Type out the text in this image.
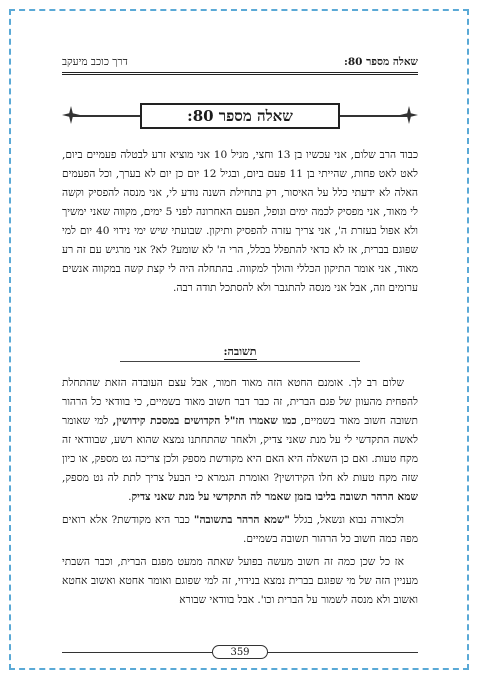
שאלה מספר 80:
דרך כוכב מיעקב
שאלה מספר 80:
כבוד הרב שלום, אני עכשיו בן 13 וחצי, מגיל 10 אני מוציא זרע לבטלה פעמיים ביום, לאט לאט פחות, שהייתי בן 11 פעם ביום, ובגיל 12 יום כן יום לא בערך, וכל הפעמים האלה לא ידעתי כלל על האיסור, רק בתחילת השנה נודע לי, אני מנסה להפסיק וקשה לי מאוד, אני מפסיק לכמה ימים ונופל, הפעם האחרונה לפני 5 ימים, מקווה שאני ימשיך ולא אפול בעזרת ה', אני צריך עזרה להפסיק ותיקון. שבועתי שיש ימי נידוי 40 יום למי שפוגם בברית, אז לא כדאי להתפלל בכלל, הרי ה' לא שומע? לא? אני מרגיש עם זה רע מאוד, אני אומר התיקון הכללי והולך למקווה. בהתחלה היה לי קצת קשה במקווה אנשים ערומים וזה, אבל אני מנסה להתגבר ולא להסתכל תודה רבה.
תשובה:

שלום רב לך. אומנם החטא הזה מאוד חמור, אבל עצם העובדה הזאת שהתחלת להפחית מהעוון של פגם הברית, זה כבר דבר חשוב מאוד בשמיים, כי בוודאי כל הרהור תשובה חשוב מאוד בשמיים, כמו שאמרו חז"ל הקדושים במסכת קידושין, למי שאומר לאשה התקדשי לי על מנת שאני צדיק, ולאחר שהתחתנו נמצא שהוא רשע, שבוודאי זה מקח טעות. ואם כן השאלה היא האם היא מקודשת מספק ולכן צריכה גט מספק, או כיון שזה מקח טעות לא חלו הקידושין? ואומרת הגמרא כי הבעל צריך לתת לה גט מספק, שמא הרהר תשובה בליבו בזמן שאמר לה התקדשי על מנת שאני צדיק.

ולכאורה נבוא ונשאל, בגלל "שמא הרהר בתשובה" כבר היא מקודשת? אלא רואים מפה כמה חשוב כל הרהור תשובה בשמיים.

אז כל שכן כמה זה חשוב מעשה בפועל שאתה ממעט מפגם הברית, וכבר השבתי מעניין הזה של מי שפוגם בברית נמצא בנידוי, זה למי שפוגם ואומר אחטא ואשוב אחטא ואשוב ולא מנסה לשמור על הברית וכו'. אבל בוודאי שבורא

359
